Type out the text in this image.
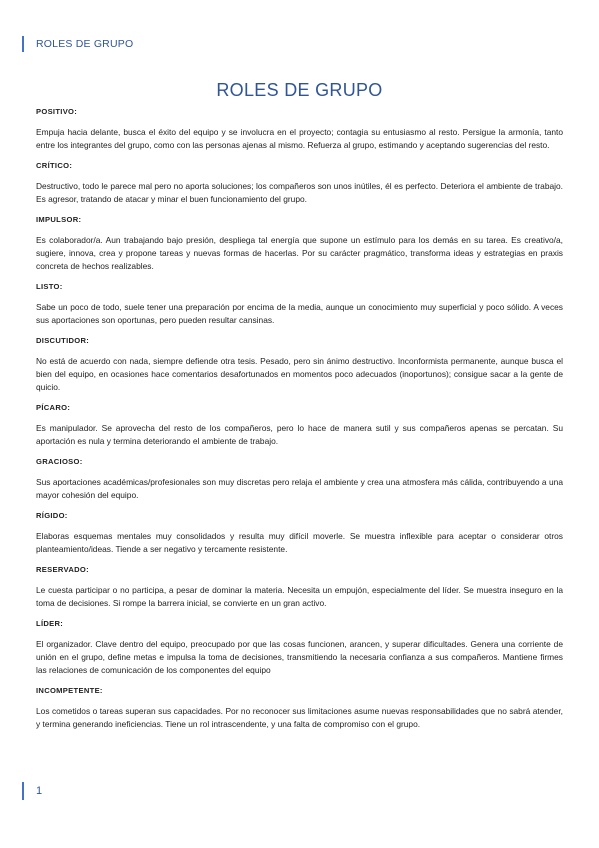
ROLES DE GRUPO
ROLES DE GRUPO

POSITIVO:

Empuja hacia delante, busca el éxito del equipo y se involucra en el proyecto; contagia su entusiasmo al resto. Persigue la armonía, tanto entre los integrantes del grupo, como con las personas ajenas al mismo. Refuerza al grupo, estimando y aceptando sugerencias del resto.

CRÍTICO:

Destructivo, todo le parece mal pero no aporta soluciones; los compañeros son unos inútiles, él es perfecto. Deteriora el ambiente de trabajo. Es agresor, tratando de atacar y minar el buen funcionamiento del grupo.

IMPULSOR:

Es colaborador/a. Aun trabajando bajo presión, despliega tal energía que supone un estímulo para los demás en su tarea. Es creativo/a, sugiere, innova, crea y propone tareas y nuevas formas de hacerlas. Por su carácter pragmático, transforma ideas y estrategias en praxis concreta de hechos realizables.

LISTO:

Sabe un poco de todo, suele tener una preparación por encima de la media, aunque un conocimiento muy superficial y poco sólido. A veces sus aportaciones son oportunas, pero pueden resultar cansinas.

DISCUTIDOR:

No está de acuerdo con nada, siempre defiende otra tesis. Pesado, pero sin ánimo destructivo. Inconformista permanente, aunque busca el bien del equipo, en ocasiones hace comentarios desafortunados en momentos poco adecuados (inoportunos); consigue sacar a la gente de quicio.

PÍCARO:

Es manipulador. Se aprovecha del resto de los compañeros, pero lo hace de manera sutil y sus compañeros apenas se percatan. Su aportación es nula y termina deteriorando el ambiente de trabajo.

GRACIOSO:

Sus aportaciones académicas/profesionales son muy discretas pero relaja el ambiente y crea una atmosfera más cálida, contribuyendo a una mayor cohesión del equipo.

RÍGIDO:

Elaboras esquemas mentales muy consolidados y resulta muy difícil moverle. Se muestra inflexible para aceptar o considerar otros planteamiento/ideas. Tiende a ser negativo y tercamente resistente.

RESERVADO:

Le cuesta participar o no participa, a pesar de dominar la materia. Necesita un empujón, especialmente del líder. Se muestra inseguro en la toma de decisiones. Si rompe la barrera inicial, se convierte en un gran activo.

LÍDER:

El organizador. Clave dentro del equipo, preocupado por que las cosas funcionen, arancen, y superar dificultades. Genera una corriente de unión en el grupo, define metas e impulsa la toma de decisiones, transmitiendo la necesaria confianza a sus compañeros. Mantiene firmes las relaciones de comunicación de los componentes del equipo

INCOMPETENTE:

Los cometidos o tareas superan sus capacidades. Por no reconocer sus limitaciones asume nuevas responsabilidades que no sabrá atender, y termina generando ineficiencias. Tiene un rol intrascendente, y una falta de compromiso con el grupo.

1
